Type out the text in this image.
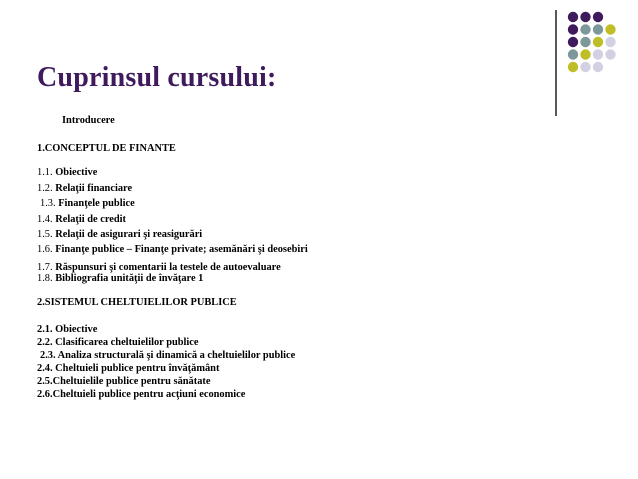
Cuprinsul cursului:
Introducere
1.CONCEPTUL DE FINANTE
1.1. Obiective
1.2. Relaţii financiare
1.3. Finanţele publice
1.4. Relaţii de credit
1.5. Relaţii de asigurari şi reasigurări
1.6. Finanţe publice – Finanţe private; asemănări şi deosebiri
1.7. Răspunsuri şi comentarii la testele de autoevaluare
1.8. Bibliografia unităţii de învăţare 1
2.SISTEMUL CHELTUIELILOR PUBLICE
2.1. Obiective
2.2. Clasificarea cheltuielilor publice
2.3. Analiza structurală şi dinamică a cheltuielilor publice
2.4. Cheltuieli publice pentru învăţământ
2.5.Cheltuielile publice pentru sănătate
2.6.Cheltuieli publice pentru acţiuni economice
